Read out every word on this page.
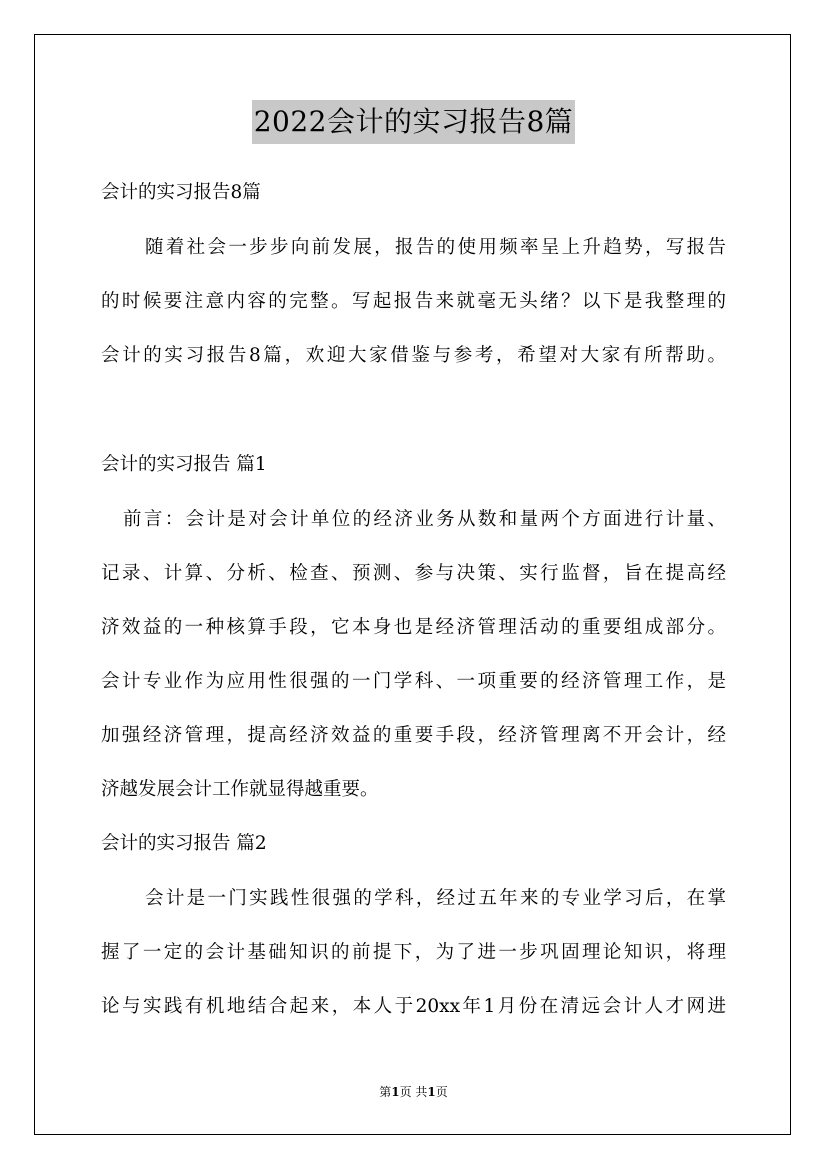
2022会计的实习报告8篇
会计的实习报告8篇
随着社会一步步向前发展，报告的使用频率呈上升趋势，写报告
的时候要注意内容的完整。写起报告来就毫无头绪？以下是我整理的
会计的实习报告8篇，欢迎大家借鉴与参考，希望对大家有所帮助。
会计的实习报告 篇1
前言：会计是对会计单位的经济业务从数和量两个方面进行计量、
记录、计算、分析、检查、预测、参与决策、实行监督，旨在提高经
济效益的一种核算手段，它本身也是经济管理活动的重要组成部分。
会计专业作为应用性很强的一门学科、一项重要的经济管理工作，是
加强经济管理，提高经济效益的重要手段，经济管理离不开会计，经
济越发展会计工作就显得越重要。
会计的实习报告 篇2
会计是一门实践性很强的学科，经过五年来的专业学习后，在掌
握了一定的会计基础知识的前提下，为了进一步巩固理论知识，将理
论与实践有机地结合起来，本人于20xx年1月份在清远会计人才网进
第1页 共1页
